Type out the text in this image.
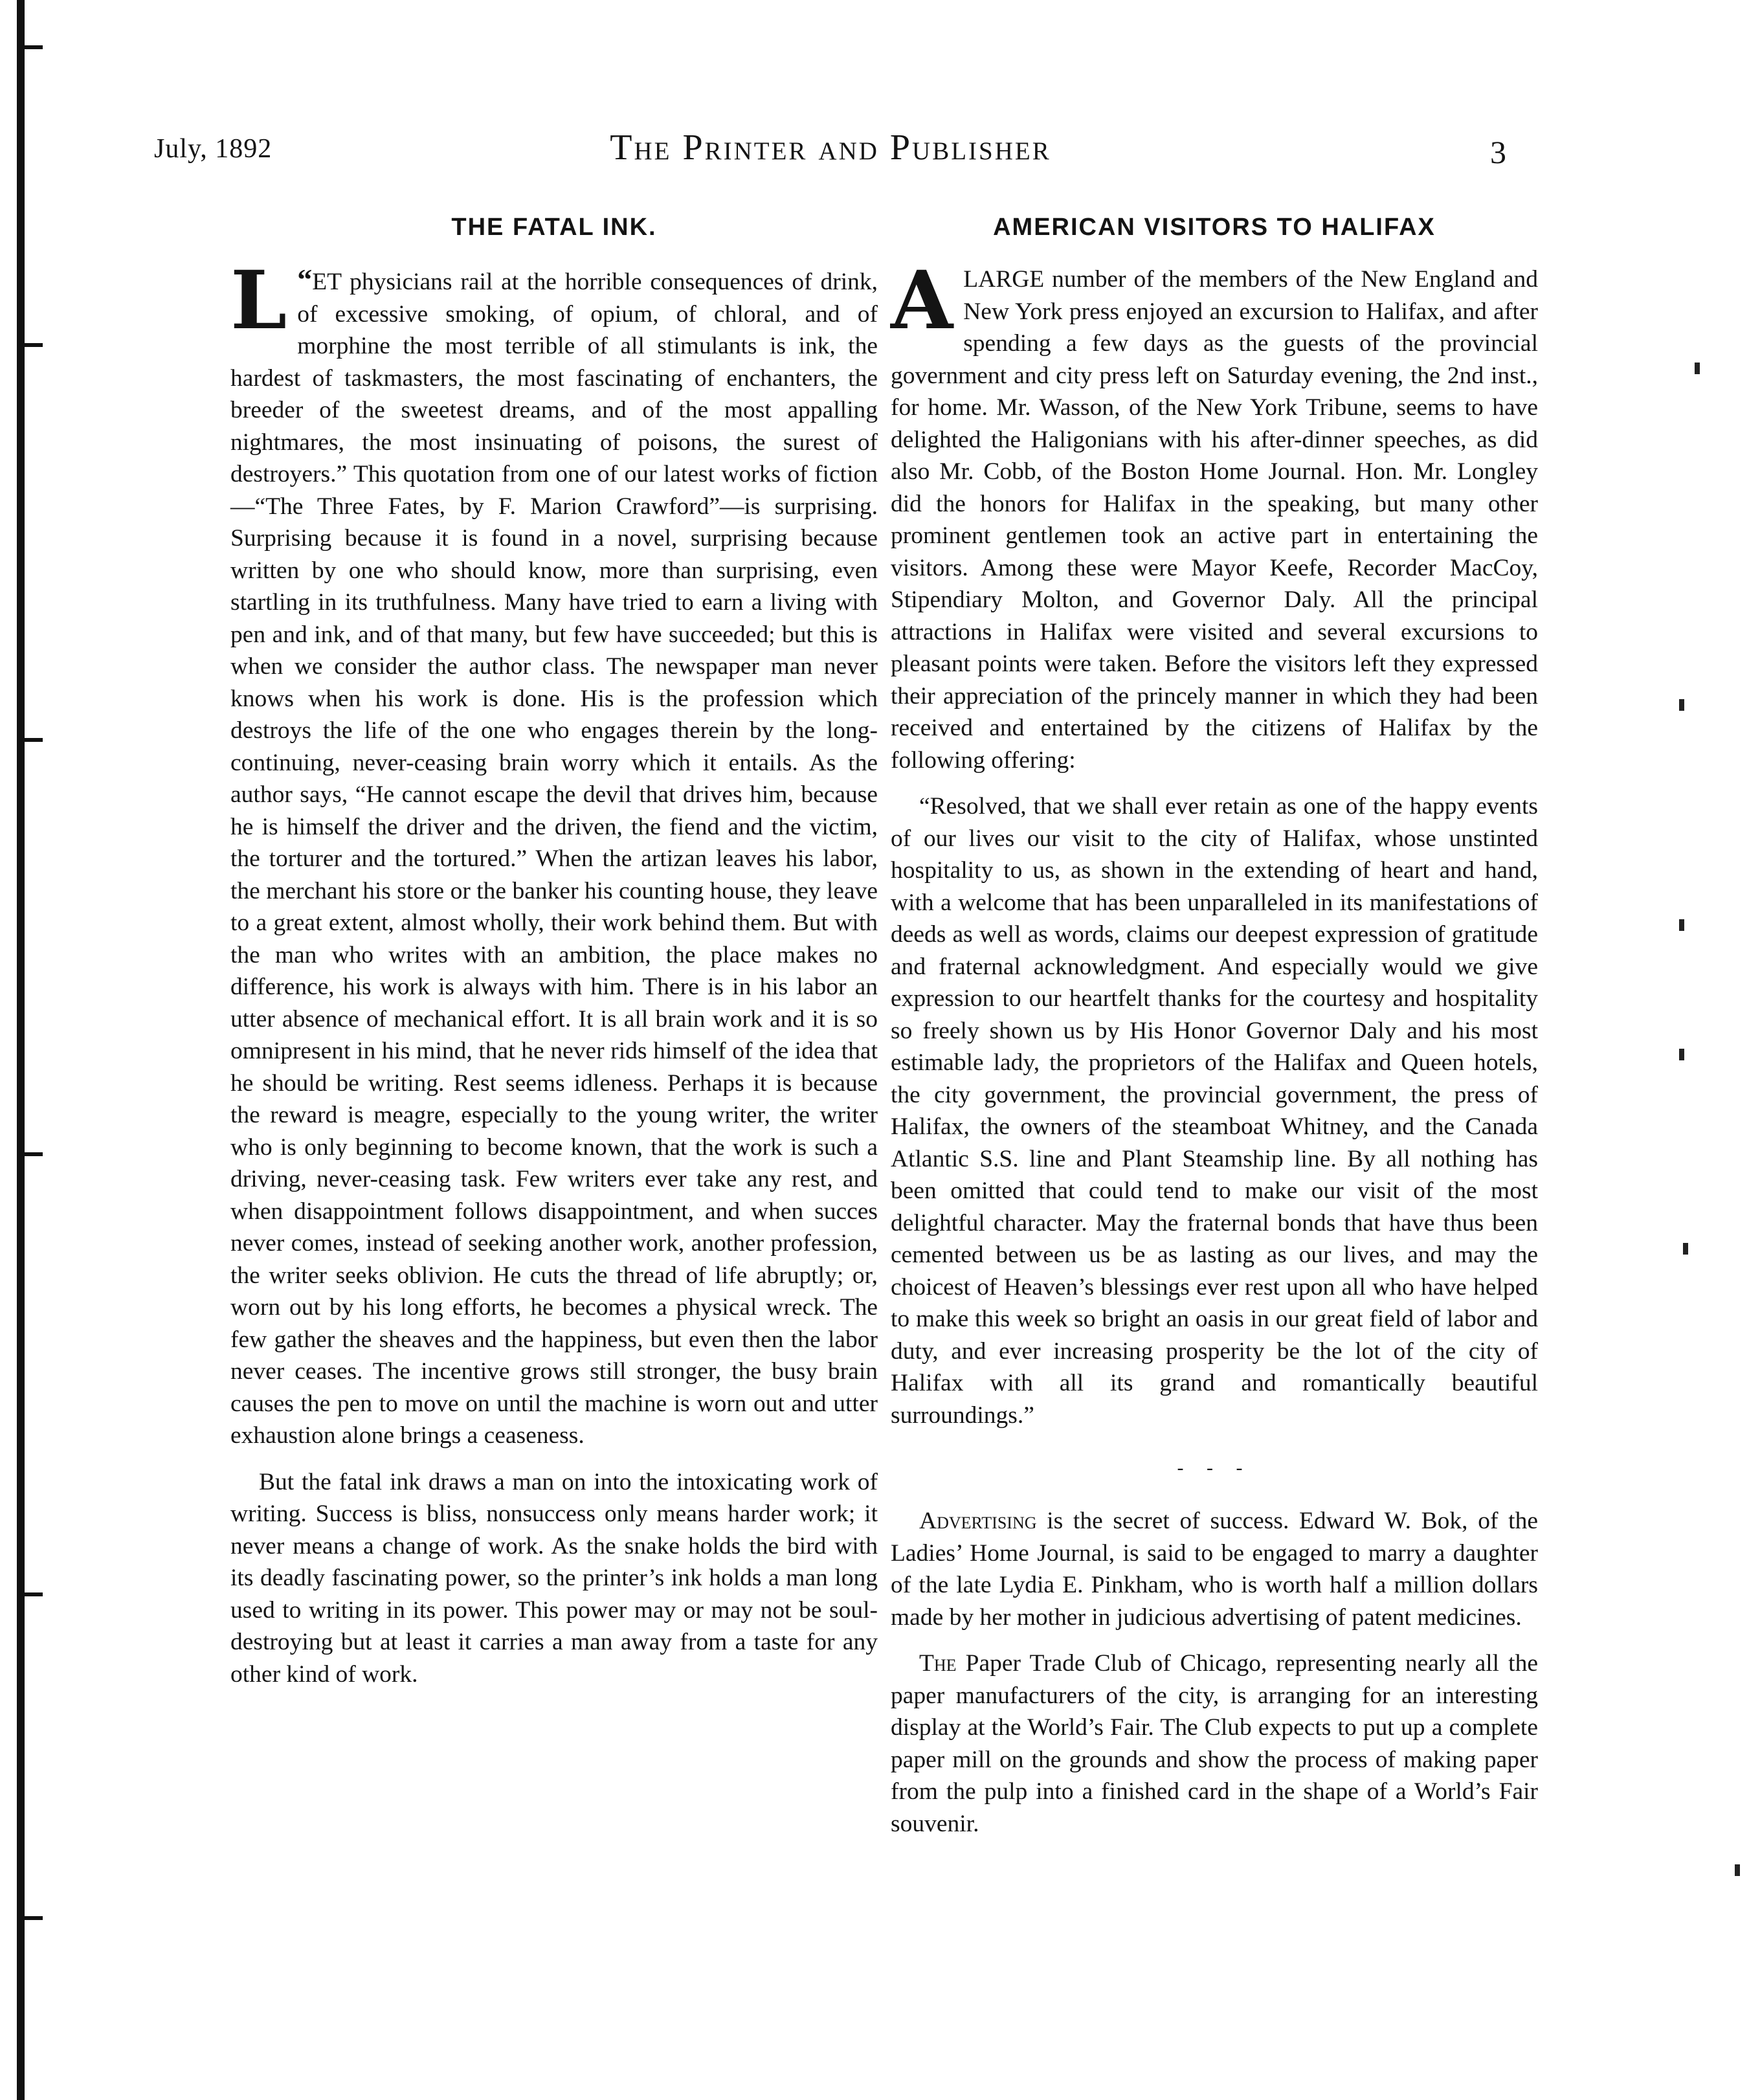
July, 1892	The Printer and Publisher	3
THE FATAL INK.

“
L ET physicians rail at the horrible consequences of drink, of excessive smoking, of opium, of chloral, and of morphine the most terrible of all stimulants is ink, the hardest of taskmasters, the most fascinating of enchanters, the breeder of the sweetest dreams, and of the most appalling nightmares, the most insinuating of poisons, the surest of destroyers.” This quotation from one of our latest works of fiction—“The Three Fates, by F. Marion Crawford”—is surprising. Surprising because it is found in a novel, surprising because written by one who should know, more than surprising, even startling in its truthfulness. Many have tried to earn a living with pen and ink, and of that many, but few have succeeded; but this is when we consider the author class. The newspaper man never knows when his work is done. His is the profession which destroys the life of the one who engages therein by the long-continuing, never-ceasing brain worry which it entails. As the author says, “He cannot escape the devil that drives him, because he is himself the driver and the driven, the fiend and the victim, the torturer and the tortured.” When the artizan leaves his labor, the merchant his store or the banker his counting house, they leave to a great extent, almost wholly, their work behind them. But with the man who writes with an ambition, the place makes no difference, his work is always with him. There is in his labor an utter absence of mechanical effort. It is all brain work and it is so omnipresent in his mind, that he never rids himself of the idea that he should be writing. Rest seems idleness. Perhaps it is because the reward is meagre, especially to the young writer, the writer who is only beginning to become known, that the work is such a driving, never-ceasing task. Few writers ever take any rest, and when disappointment follows disappointment, and when succes never comes, instead of seeking another work, another profession, the writer seeks oblivion. He cuts the thread of life abruptly; or, worn out by his long efforts, he becomes a physical wreck. The few gather the sheaves and the happiness, but even then the labor never ceases. The incentive grows still stronger, the busy brain causes the pen to move on until the machine is worn out and utter exhaustion alone brings a ceaseness.

But the fatal ink draws a man on into the intoxicating work of writing. Success is bliss, nonsuccess only means harder work; it never means a change of work. As the snake holds the bird with its deadly fascinating power, so the printer’s ink holds a man long used to writing in its power. This power may or may not be soul-destroying but at least it carries a man away from a taste for any other kind of work.

AMERICAN VISITORS TO HALIFAX

ALARGE number of the members of the New England and New York press enjoyed an excursion to Halifax, and after spending a few days as the guests of the provincial government and city press left on Saturday evening, the 2nd inst., for home. Mr. Wasson, of the New York Tribune, seems to have delighted the Haligonians with his after-dinner speeches, as did also Mr. Cobb, of the Boston Home Journal. Hon. Mr. Longley did the honors for Halifax in the speaking, but many other prominent gentlemen took an active part in entertaining the visitors. Among these were Mayor Keefe, Recorder MacCoy, Stipendiary Molton, and Governor Daly. All the principal attractions in Halifax were visited and several excursions to pleasant points were taken. Before the visitors left they expressed their appreciation of the princely manner in which they had been received and entertained by the citizens of Halifax by the following offering:

“Resolved, that we shall ever retain as one of the happy events of our lives our visit to the city of Halifax, whose unstinted hospitality to us, as shown in the extending of heart and hand, with a welcome that has been unparalleled in its manifestations of deeds as well as words, claims our deepest expression of gratitude and fraternal acknowledgment. And especially would we give expression to our heartfelt thanks for the courtesy and hospitality so freely shown us by His Honor Governor Daly and his most estimable lady, the proprietors of the Halifax and Queen hotels, the city government, the provincial government, the press of Halifax, the owners of the steamboat Whitney, and the Canada Atlantic S.S. line and Plant Steamship line. By all nothing has been omitted that could tend to make our visit of the most delightful character. May the fraternal bonds that have thus been cemented between us be as lasting as our lives, and may the choicest of Heaven’s blessings ever rest upon all who have helped to make this week so bright an oasis in our great field of labor and duty, and ever increasing prosperity be the lot of the city of Halifax with all its grand and romantically beautiful surroundings.”

- - -

Advertising is the secret of success. Edward W. Bok, of the Ladies’ Home Journal, is said to be engaged to marry a daughter of the late Lydia E. Pinkham, who is worth half a million dollars made by her mother in judicious advertising of patent medicines.

The Paper Trade Club of Chicago, representing nearly all the paper manufacturers of the city, is arranging for an interesting display at the World’s Fair. The Club expects to put up a complete paper mill on the grounds and show the process of making paper from the pulp into a finished card in the shape of a World’s Fair souvenir.
